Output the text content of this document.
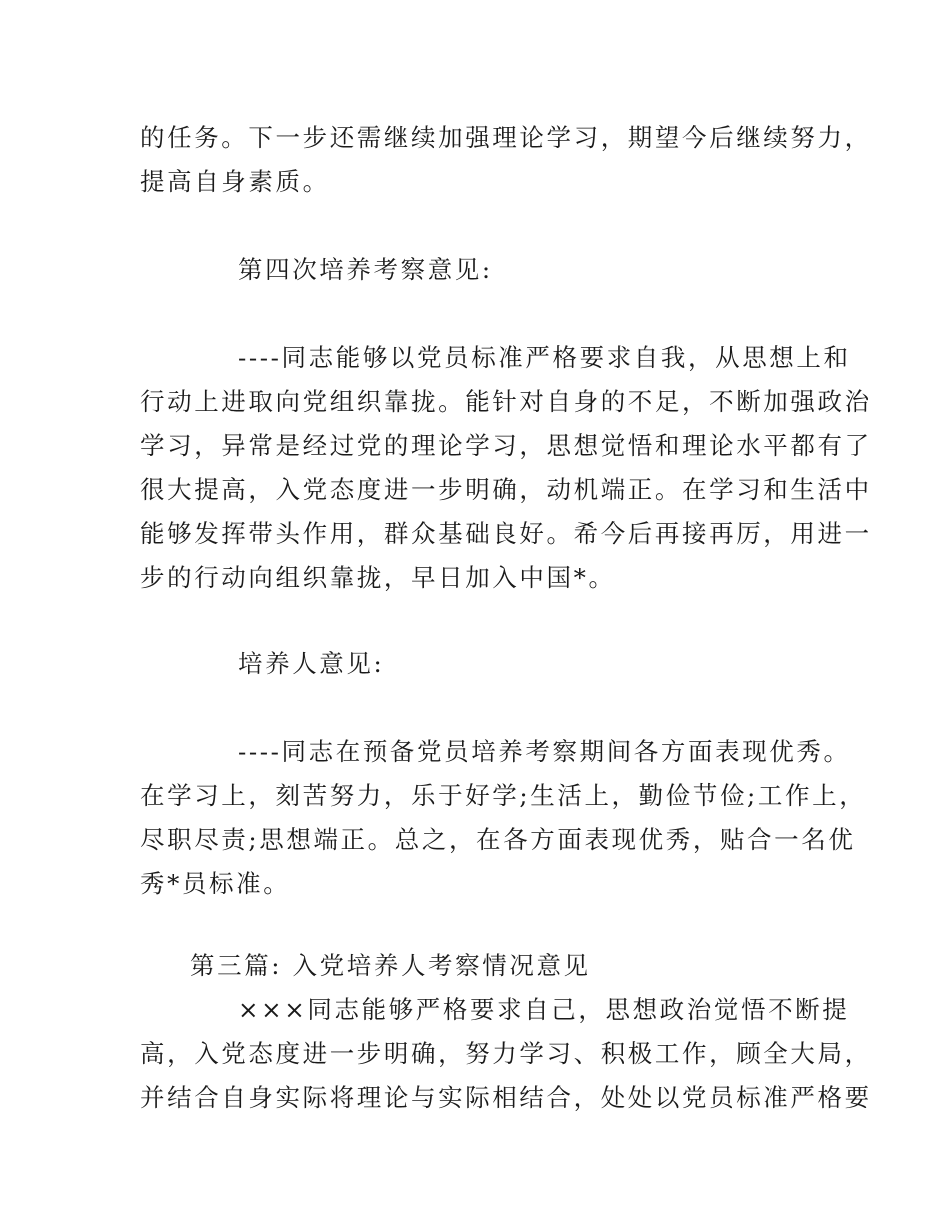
的任务。下一步还需继续加强理论学习，期望今后继续努力，
提高自身素质。
第四次培养考察意见:
----同志能够以党员标准严格要求自我，从思想上和
行动上进取向党组织靠拢。能针对自身的不足，不断加强政治
学习，异常是经过党的理论学习，思想觉悟和理论水平都有了
很大提高，入党态度进一步明确，动机端正。在学习和生活中
能够发挥带头作用，群众基础良好。希今后再接再厉，用进一
步的行动向组织靠拢，早日加入中国*。
培养人意见:
----同志在预备党员培养考察期间各方面表现优秀。
在学习上，刻苦努力，乐于好学;生活上，勤俭节俭;工作上，
尽职尽责;思想端正。总之，在各方面表现优秀，贴合一名优
秀*员标准。
第三篇: 入党培养人考察情况意见
×××同志能够严格要求自己，思想政治觉悟不断提
高，入党态度进一步明确，努力学习、积极工作，顾全大局，
并结合自身实际将理论与实际相结合，处处以党员标准严格要
